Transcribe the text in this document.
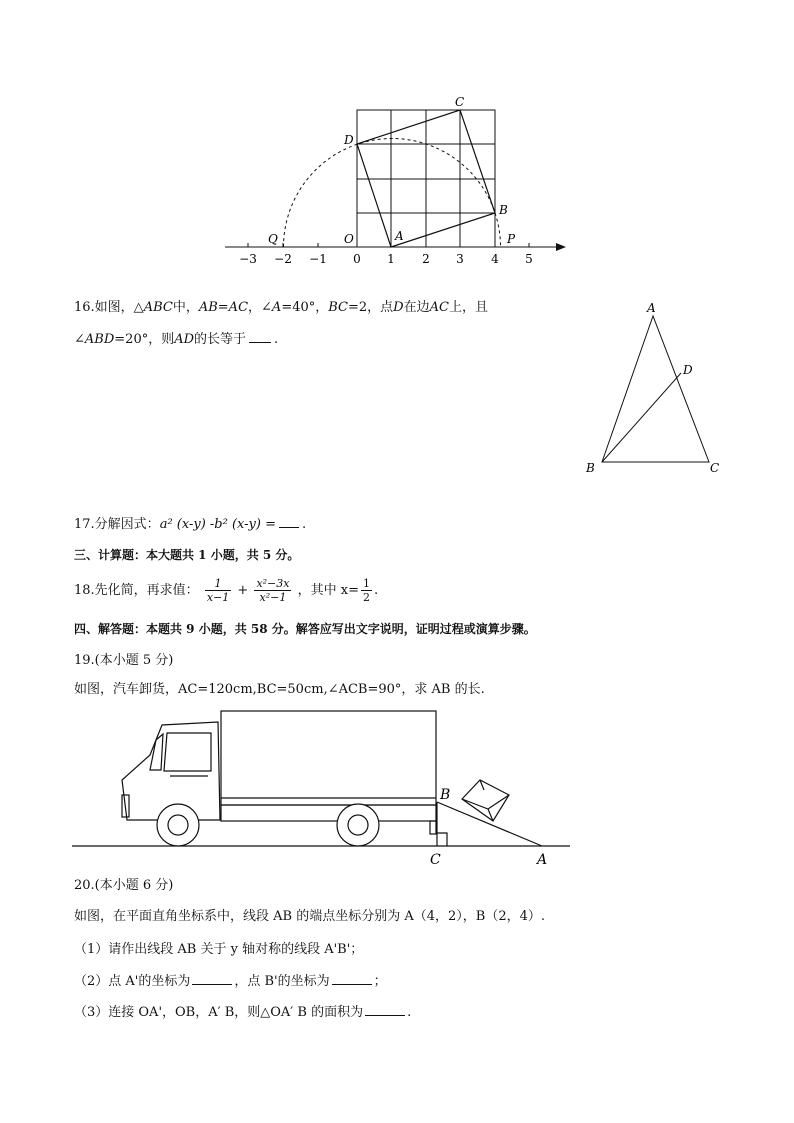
−3 −2 −1 0 1 2 3 4 5
Q	O	A	P
B
C
D
16.如图，△ABC中，AB=AC，∠A=40°，BC=2，点D在边AC上，且
∠ABD=20°，则AD的长等于 .
A
B	C
D
17.分解因式：a² (x-y) -b² (x-y) = .
三、计算题：本大题共 1 小题，共 5 分。
18.先化简，再求值： $\frac{1}{x-1} + \frac{\text{x²−3x}}{\text{x²−1}}$ ，其中 $x= \frac{1}{2}$ .
四、解答题：本题共 9 小题，共 58 分。解答应写出文字说明，证明过程或演算步骤。
19.(本小题 5 分)
如图，汽车卸货，AC=120cm,BC=50cm,∠ACB=90°，求 AB 的长.
B
C	A
20.(本小题 6 分)
如图，在平面直角坐标系中，线段 AB 的端点坐标分别为 A（4，2），B（2，4）.
（1）请作出线段 AB 关于 y 轴对称的线段 A'B'；
（2）点 A'的坐标为	，点 B'的坐标为	；
（3）连接 OA'，OB，A′ B，则△OA′ B 的面积为	.
